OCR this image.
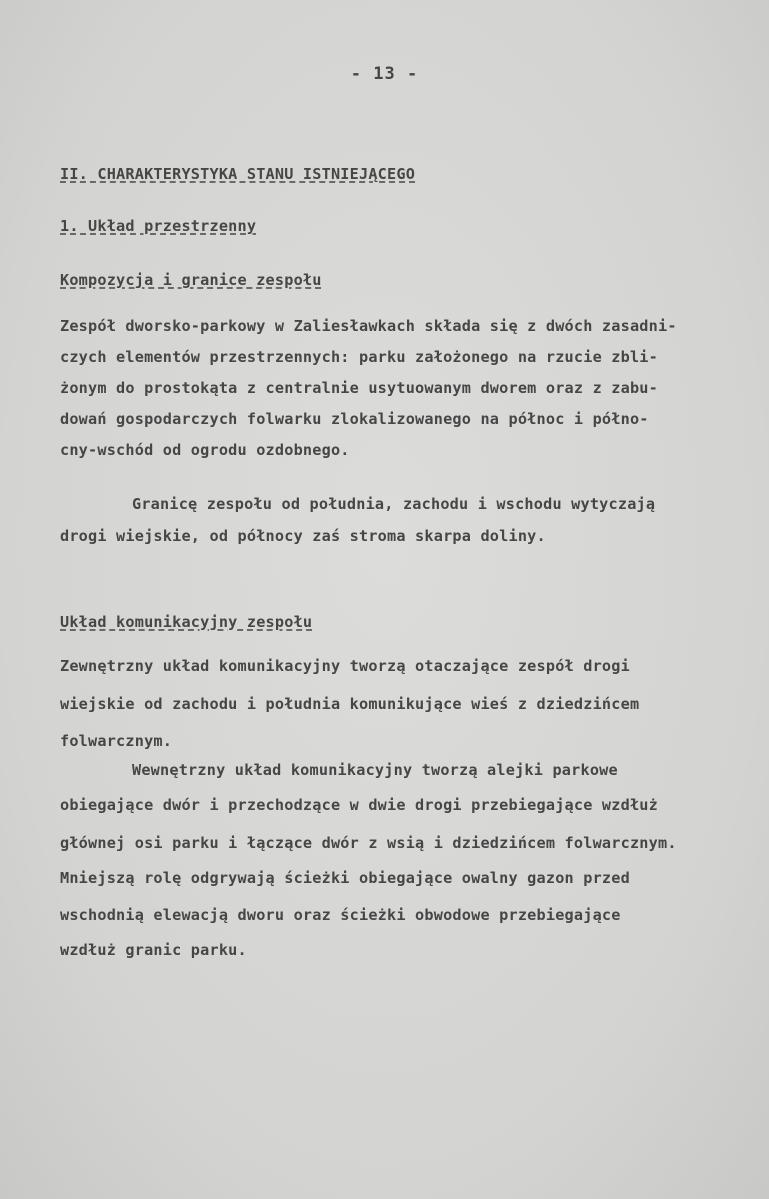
- 13 -
II. CHARAKTERYSTYKA STANU ISTNIEJĄCEGO
1. Układ przestrzenny
Kompozycja i granice zespołu
Zespół dworsko-parkowy w Zaliesławkach składa się z dwóch zasadni-
czych elementów przestrzennych: parku założonego na rzucie zbli-
żonym do prostokąta z centralnie usytuowanym dworem oraz z zabu-
dowań gospodarczych folwarku zlokalizowanego na północ i półno-
cny-wschód od ogrodu ozdobnego.
Granicę zespołu od południa, zachodu i wschodu wytyczają
drogi wiejskie, od północy zaś stroma skarpa doliny.
Układ komunikacyjny zespołu
Zewnętrzny układ komunikacyjny tworzą otaczające zespół drogi
wiejskie od zachodu i południa komunikujące wieś z dziedzińcem
folwarcznym.
Wewnętrzny układ komunikacyjny tworzą alejki parkowe
obiegające dwór i przechodzące w dwie drogi przebiegające wzdłuż
głównej osi parku i łączące dwór z wsią i dziedzińcem folwarcznym.
Mniejszą rolę odgrywają ścieżki obiegające owalny gazon przed
wschodnią elewacją dworu oraz ścieżki obwodowe przebiegające
wzdłuż granic parku.
